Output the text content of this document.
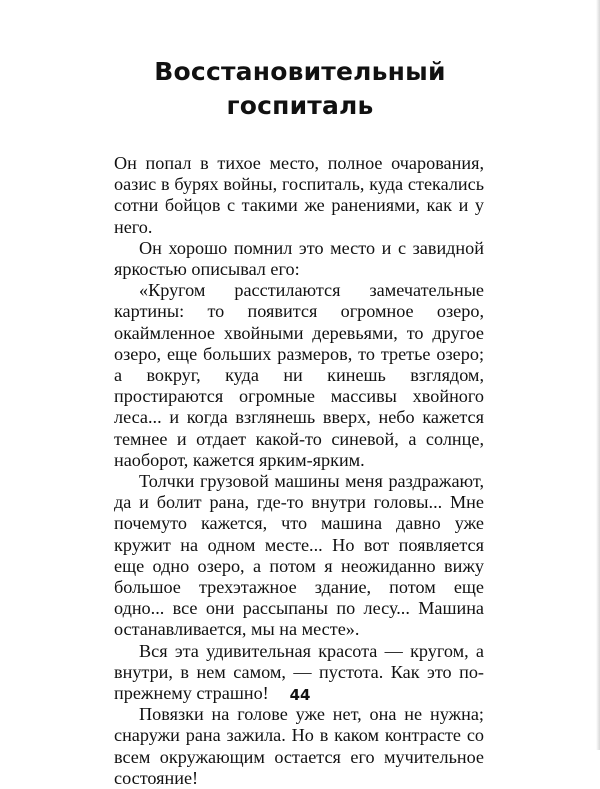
Восстановительный
госпиталь

Он попал в тихое место, полное очарования, оазис в бурях войны, госпиталь, куда стекались сотни бойцов с такими же ранениями, как и у него.

Он хорошо помнил это место и с завидной яркостью описывал его:

«Кругом расстилаются замечательные картины: то появится огромное озеро, окаймленное хвойными деревьями, то другое озеро, еще больших размеров, то третье озеро; а вокруг, куда ни кинешь взглядом, простираются огромные массивы хвойного леса... и когда взглянешь вверх, небо кажется темнее и отдает какой-то синевой, а солнце, наоборот, кажется ярким-ярким.

Толчки грузовой машины меня раздражают, да и болит рана, где-то внутри головы... Мне почемуто кажется, что машина давно уже кружит на одном месте... Но вот появляется еще одно озеро, а потом я неожиданно вижу большое трехэтажное здание, потом еще одно... все они рассыпаны по лесу... Машина останавливается, мы на месте».

Вся эта удивительная красота — кругом, а внутри, в нем самом, — пустота. Как это по-прежнему страшно!

Повязки на голове уже нет, она не нужна; снаружи рана зажила. Но в каком контрасте со всем окружающим остается его мучительное состояние!

44
